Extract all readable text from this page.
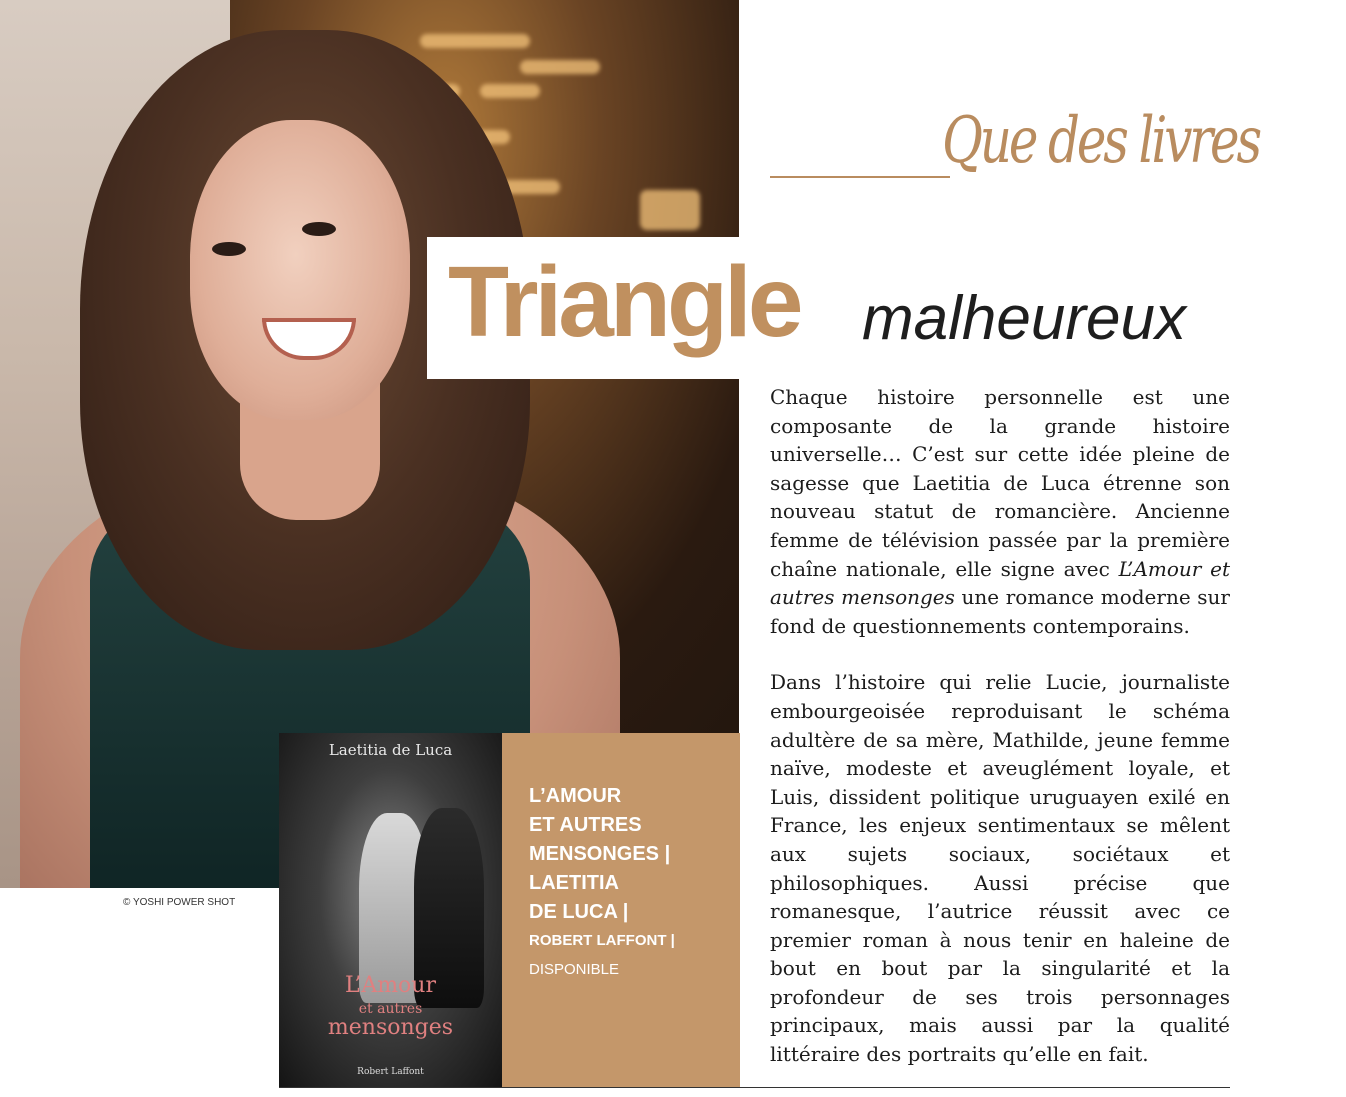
© YOSHI POWER SHOT
Que des livres
Triangle malheureux

Chaque histoire personnelle est une composante de la grande histoire universelle… C’est sur cette idée pleine de sagesse que Laetitia de Luca étrenne son nouveau statut de romancière. Ancienne femme de télévision passée par la première chaîne nationale, elle signe avec L’Amour et autres mensonges une romance moderne sur fond de questionnements contemporains.

Dans l’histoire qui relie Lucie, journaliste embourgeoisée reproduisant le schéma adultère de sa mère, Mathilde, jeune femme naïve, modeste et aveuglément loyale, et Luis, dissident politique uruguayen exilé en France, les enjeux sentimentaux se mêlent aux sujets sociaux, sociétaux et philosophiques. Aussi précise que romanesque, l’autrice réussit avec ce premier roman à nous tenir en haleine de bout en bout par la singularité et la profondeur de ses trois personnages principaux, mais aussi par la qualité littéraire des portraits qu’elle en fait.

Laetitia de Luca
L’Amour
et autres
mensonges
Robert Laffont
L’AMOUR
ET AUTRES
MENSONGES |
LAETITIA
DE LUCA |
ROBERT LAFFONT |
DISPONIBLE
